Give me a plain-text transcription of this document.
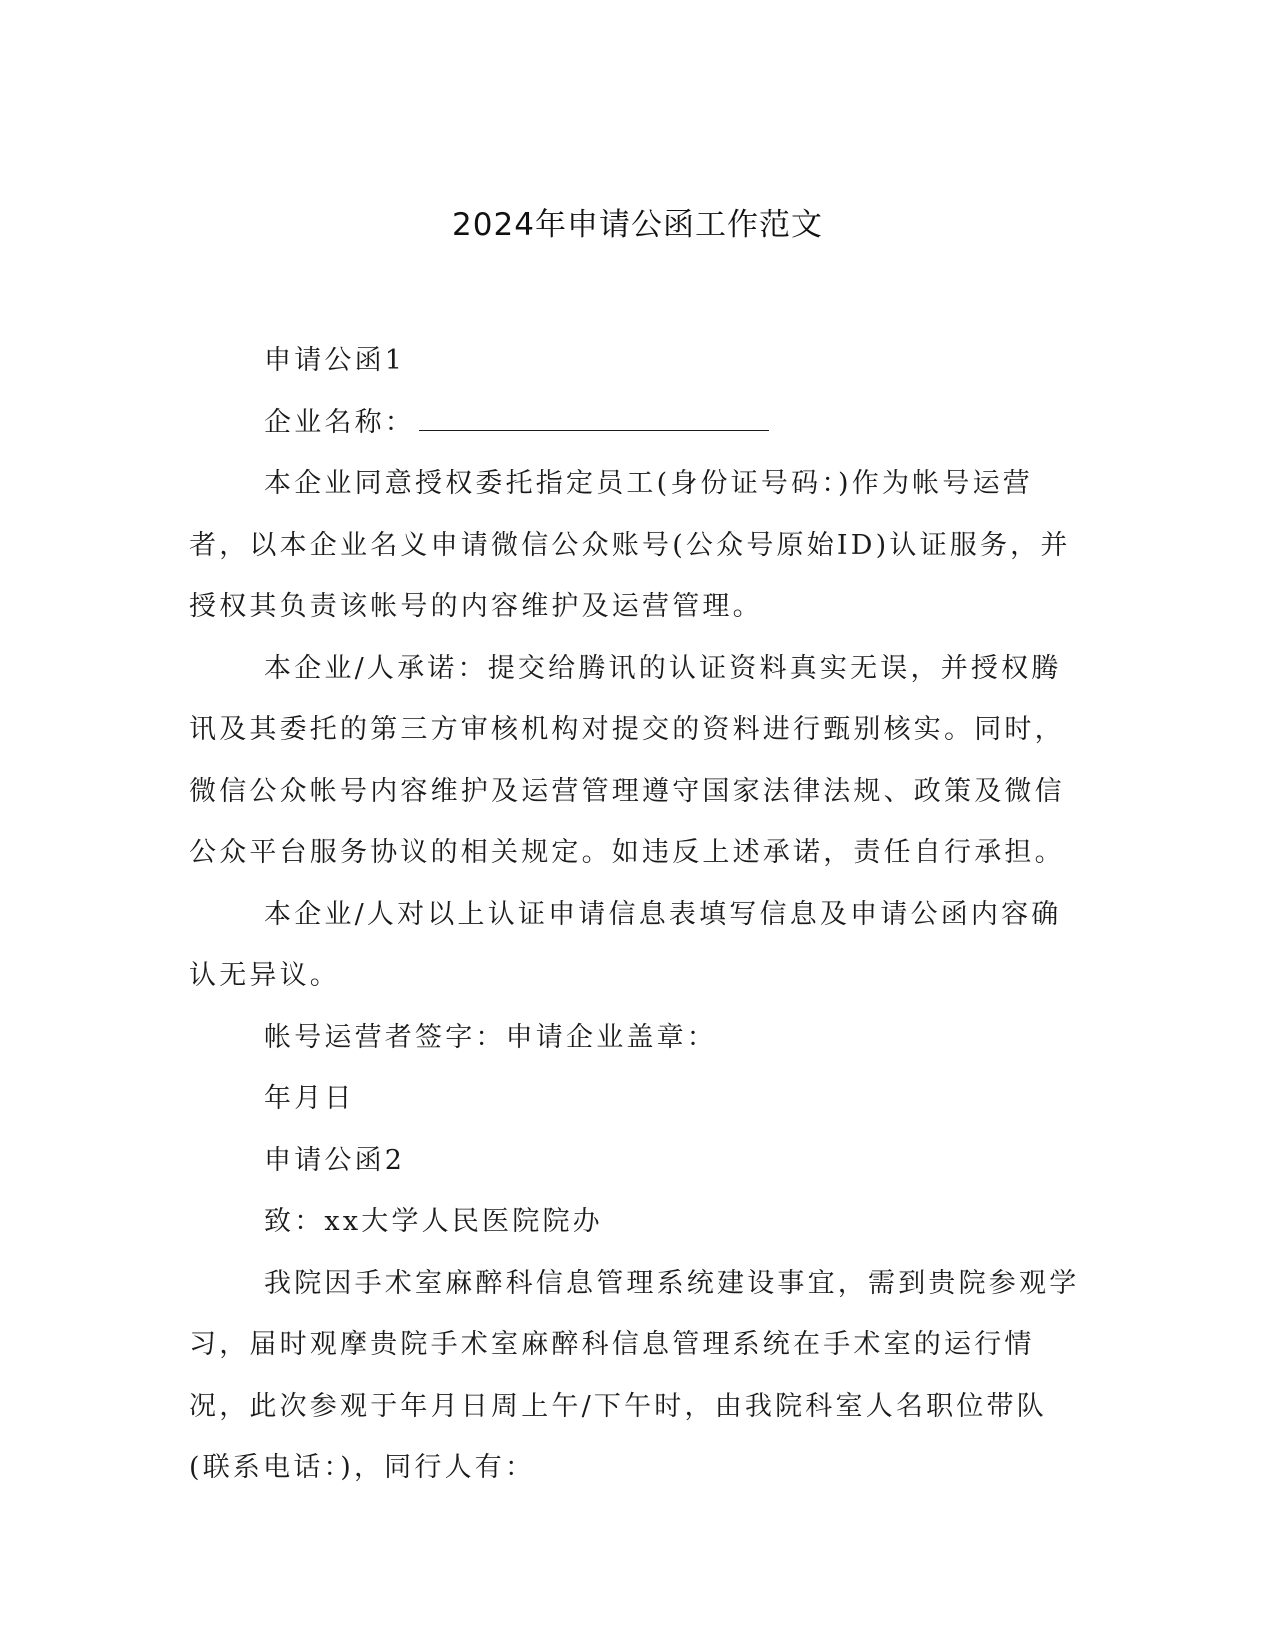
2024年申请公函工作范文

申请公函1

企业名称：

本企业同意授权委托指定员工(身份证号码：)作为帐号运营者，以本企业名义申请微信公众账号(公众号原始ID)认证服务，并授权其负责该帐号的内容维护及运营管理。

本企业/人承诺：提交给腾讯的认证资料真实无误，并授权腾讯及其委托的第三方审核机构对提交的资料进行甄别核实。同时，微信公众帐号内容维护及运营管理遵守国家法律法规、政策及微信公众平台服务协议的相关规定。如违反上述承诺，责任自行承担。

本企业/人对以上认证申请信息表填写信息及申请公函内容确认无异议。

帐号运营者签字：申请企业盖章：

年月日

申请公函2

致：xx大学人民医院院办

我院因手术室麻醉科信息管理系统建设事宜，需到贵院参观学习，届时观摩贵院手术室麻醉科信息管理系统在手术室的运行情况，此次参观于年月日周上午/下午时，由我院科室人名职位带队(联系电话：)，同行人有：
